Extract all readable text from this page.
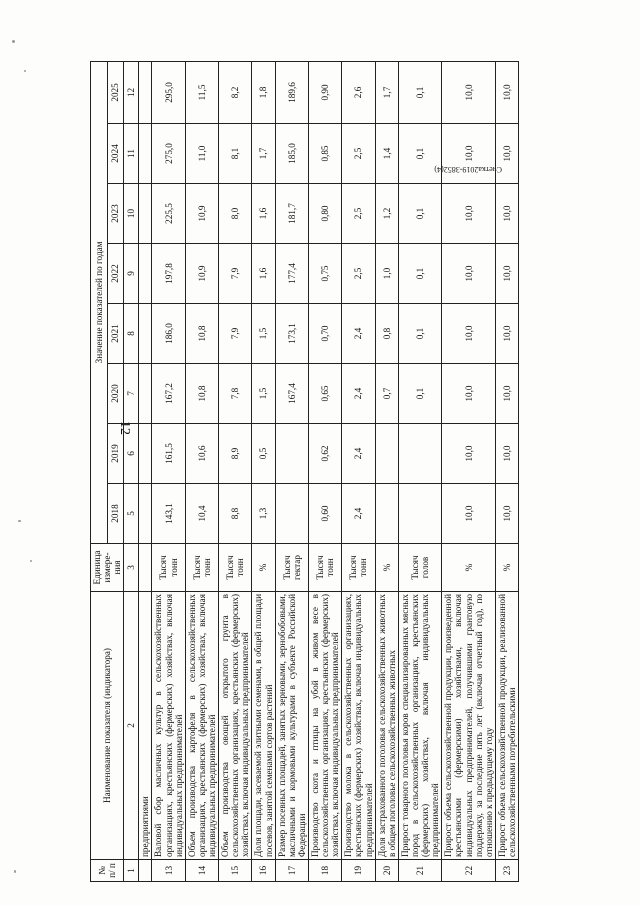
12
№ п/ п	Наименование показателя (индикатора)	Единица измере- ния	Значение показателей по годам							
			2018	2019	2020	2021	2022	2023	2024	2025
1	2	3	5	6	7	8	9	10	11	12
	предприятиями									
13	Валовой сбор масличных культур в сельскохозяйственных организациях, крестьянских (фермерских) хозяйствах, включая индивидуальных предпринимателей	Тысяч тонн	143,1	161,5	167,2	186,0	197,8	225,5	275,0	295,0
14	Объем производства картофеля в сельскохозяйственных организациях, крестьянских (фермерских) хозяйствах, включая индивидуальных предпринимателей	Тысяч тонн	10,4	10,6	10,8	10,8	10,9	10,9	11,0	11,5
15	Объем производства овощей открытого грунта в сельскохозяйственных организациях, крестьянских (фермерских) хозяйствах, включая индивидуальных предпринимателей	Тысяч тонн	8,8	8,9	7,8	7,9	7,9	8,0	8,1	8,2
16	Доля площади, засеваемой элитными семенами, в общей площади посевов, занятой семенами сортов растений	%	1,3	0,5	1,5	1,5	1,6	1,6	1,7	1,8
17	Размер посевных площадей, занятых зерновыми, зернобобовыми, масличными и кормовыми культурами в субъекте Российской Федерации	Тысяч гектар			167,4	173,1	177,4	181,7	185,0	189,6
18	Производство скота и птицы на убой в живом весе в сельскохозяйственных организациях, крестьянских (фермерских) хозяйствах, включая индивидуальных предпринимателей	Тысяч тонн	0,60	0,62	0,65	0,70	0,75	0,80	0,85	0,90
19	Производство молока в сельскохозяйственных организациях, крестьянских (фермерских) хозяйствах, включая индивидуальных предпринимателей	Тысяч тонн	2,4	2,4	2,4	2,4	2,5	2,5	2,5	2,6
20	Доля застрахованного поголовья сельскохозяйственных животных в общем поголовье сельскохозяйственных животных	%			0,7	0,8	1,0	1,2	1,4	1,7
21	Прирост товарного поголовья коров специализированных мясных пород в сельскохозяйственных организациях, крестьянских (фермерских) хозяйствах, включая индивидуальных предпринимателей	Тысяч голов			0,1	0,1	0,1	0,1	0,1	0,1
22	Прирост объема сельскохозяйственной продукции, произведенной крестьянскими (фермерскими) хозяйствами, включая индивидуальных предпринимателей, получившими грантовую поддержку, за последние пять лет (включая отчетный год), по отношению к предыдущему году	%	10,0	10,0	10,0	10,0	10,0	10,0	10,0	10,0
23	Прирост объема сельскохозяйственной продукции, реализованной сельскохозяйственными потребительскими	%	10,0	10,0	10,0	10,0	10,0	10,0	10,0	10,0
Счетка2019-3852(4)
